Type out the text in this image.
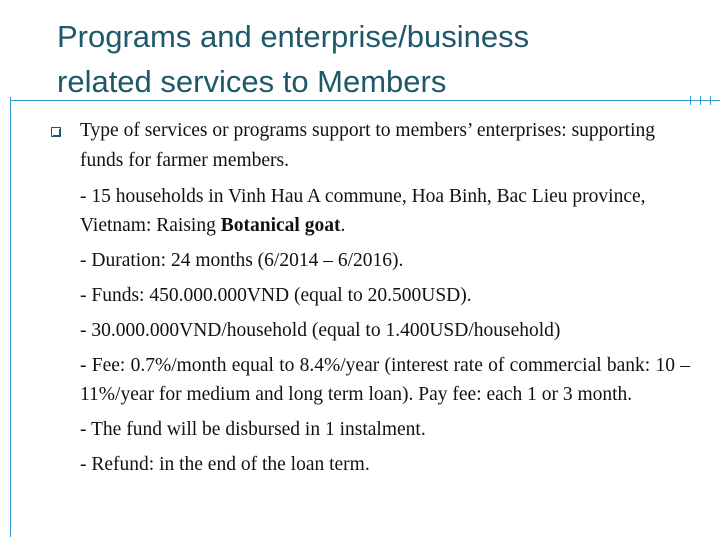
Programs and enterprise/business
related services to Members

Type of services or programs support to members’ enterprises: supporting funds for farmer members.

- 15 households in Vinh Hau A commune, Hoa Binh, Bac Lieu province, Vietnam: Raising Botanical goat.

- Duration: 24 months (6/2014 – 6/2016).

- Funds: 450.000.000VND (equal to 20.500USD).

- 30.000.000VND/household (equal to 1.400USD/household)

- Fee: 0.7%/month equal to 8.4%/year (interest rate of commercial bank: 10 – 11%/year for medium and long term loan). Pay fee: each 1 or 3 month.

- The fund will be disbursed in 1 instalment.

- Refund: in the end of the loan term.
